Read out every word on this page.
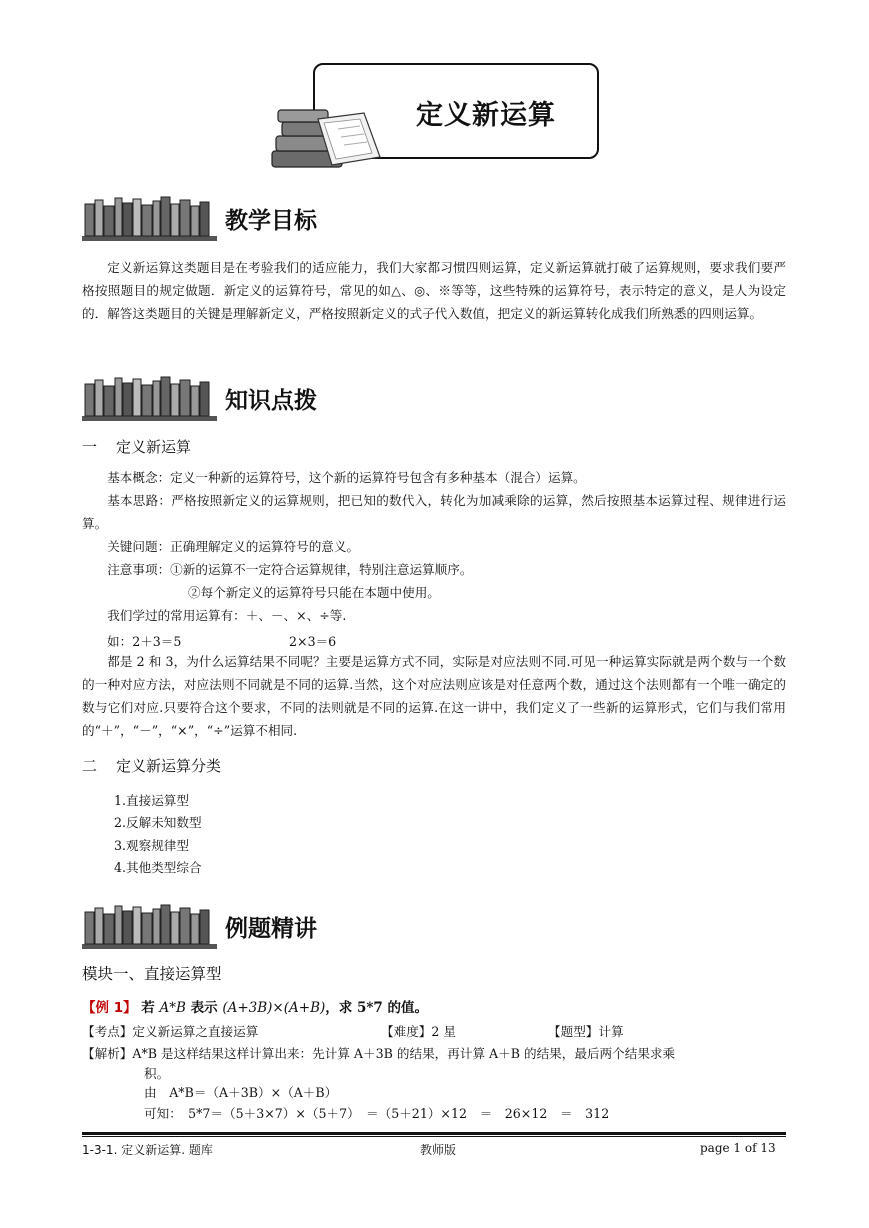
定义新运算
教学目标
定义新运算这类题目是在考验我们的适应能力，我们大家都习惯四则运算，定义新运算就打破了运算规则，要求我们要严格按照题目的规定做题．新定义的运算符号，常见的如△、◎、※等等，这些特殊的运算符号，表示特定的意义，是人为设定的．解答这类题目的关键是理解新定义，严格按照新定义的式子代入数值，把定义的新运算转化成我们所熟悉的四则运算。
知识点拨
一 定义新运算
基本概念：定义一种新的运算符号，这个新的运算符号包含有多种基本（混合）运算。
基本思路：严格按照新定义的运算规则，把已知的数代入，转化为加减乘除的运算，然后按照基本运算过程、规律进行运算。
关键问题：正确理解定义的运算符号的意义。
注意事项：①新的运算不一定符合运算规律，特别注意运算顺序。
②每个新定义的运算符号只能在本题中使用。
我们学过的常用运算有：＋、－、×、÷等.
如：2＋3＝5	2×3＝6
都是 2 和 3，为什么运算结果不同呢？主要是运算方式不同，实际是对应法则不同.可见一种运算实际就是两个数与一个数的一种对应方法，对应法则不同就是不同的运算.当然，这个对应法则应该是对任意两个数，通过这个法则都有一个唯一确定的数与它们对应.只要符合这个要求，不同的法则就是不同的运算.在这一讲中，我们定义了一些新的运算形式，它们与我们常用的“＋”，“－”，“×”，“÷”运算不相同.
二 定义新运算分类
1.直接运算型
2.反解未知数型
3.观察规律型
4.其他类型综合
例题精讲
模块一、直接运算型
【例 1】 若 A*B 表示 (A+3B)×(A+B)，求 5*7 的值。
【考点】定义新运算之直接运算	【难度】2 星	【题型】计算
【解析】A*B 是这样结果这样计算出来：先计算 A＋3B 的结果，再计算 A＋B 的结果，最后两个结果求乘
积。
由　A*B＝（A＋3B）×（A＋B）
可知：　5*7＝（5＋3×7）×（5＋7）　＝（5＋21）×12　＝　26×12　＝　312
1-3-1. 定义新运算. 题库	教师版	page 1 of 13
